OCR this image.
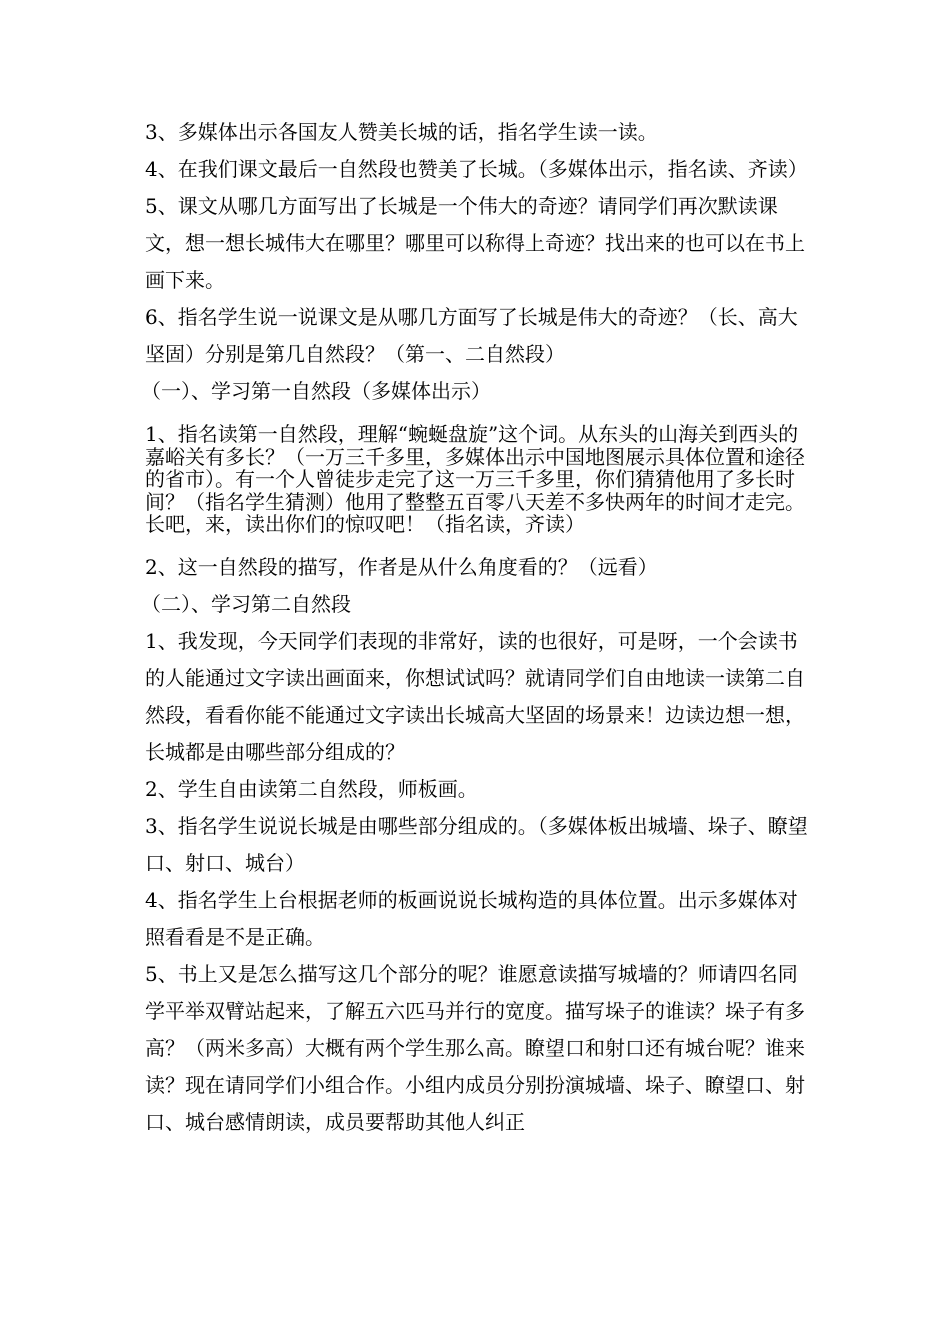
3、多媒体出示各国友人赞美长城的话，指名学生读一读。

4、在我们课文最后一自然段也赞美了长城。（多媒体出示，指名读、齐读）

5、课文从哪几方面写出了长城是一个伟大的奇迹？请同学们再次默读课文，想一想长城伟大在哪里？哪里可以称得上奇迹？找出来的也可以在书上画下来。

6、指名学生说一说课文是从哪几方面写了长城是伟大的奇迹？（长、高大坚固）分别是第几自然段？（第一、二自然段）

（一）、学习第一自然段（多媒体出示）

1、指名读第一自然段，理解“蜿蜒盘旋”这个词。从东头的山海关到西头的嘉峪关有多长？（一万三千多里，多媒体出示中国地图展示具体位置和途径的省市）。有一个人曾徒步走完了这一万三千多里，你们猜猜他用了多长时间？（指名学生猜测）他用了整整五百零八天差不多快两年的时间才走完。长吧，来，读出你们的惊叹吧！（指名读，齐读）

2、这一自然段的描写，作者是从什么角度看的？（远看）

（二）、学习第二自然段

1、我发现，今天同学们表现的非常好，读的也很好，可是呀，一个会读书的人能通过文字读出画面来，你想试试吗？就请同学们自由地读一读第二自然段，看看你能不能通过文字读出长城高大坚固的场景来！边读边想一想，长城都是由哪些部分组成的？

2、学生自由读第二自然段，师板画。

3、指名学生说说长城是由哪些部分组成的。（多媒体板出城墙、垛子、瞭望口、射口、城台）

4、指名学生上台根据老师的板画说说长城构造的具体位置。出示多媒体对照看看是不是正确。

5、书上又是怎么描写这几个部分的呢？谁愿意读描写城墙的？师请四名同学平举双臂站起来，了解五六匹马并行的宽度。描写垛子的谁读？垛子有多高？（两米多高）大概有两个学生那么高。瞭望口和射口还有城台呢？谁来读？现在请同学们小组合作。小组内成员分别扮演城墙、垛子、瞭望口、射口、城台感情朗读，成员要帮助其他人纠正
